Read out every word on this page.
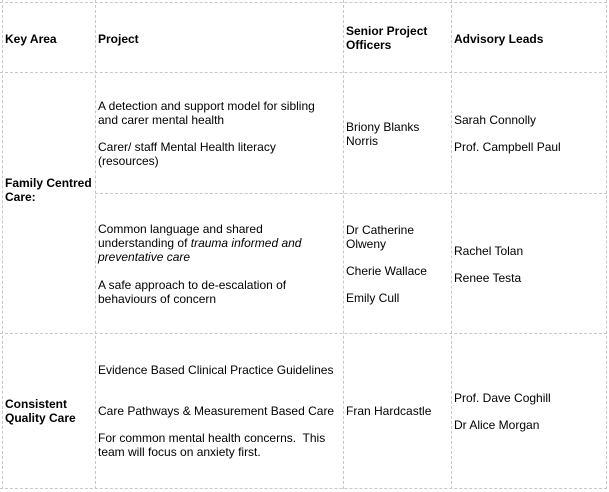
Key Area	Project
Senior Project Officers	Advisory Leads
Family Centred Care:
Consistent Quality Care
A detection and support model for sibling and carer mental health
Carer/ staff Mental Health literacy (resources)
Briony Blanks Norris
Sarah Connolly
Prof. Campbell Paul
Common language and shared understanding of trauma informed and preventative care
A safe approach to de-escalation of behaviours of concern
Dr Catherine Olweny
Cherie Wallace
Emily Cull
Rachel Tolan
Renee Testa
Evidence Based Clinical Practice Guidelines
Care Pathways & Measurement Based Care
For common mental health concerns.  This team will focus on anxiety first.
Fran Hardcastle
Prof. Dave Coghill
Dr Alice Morgan
